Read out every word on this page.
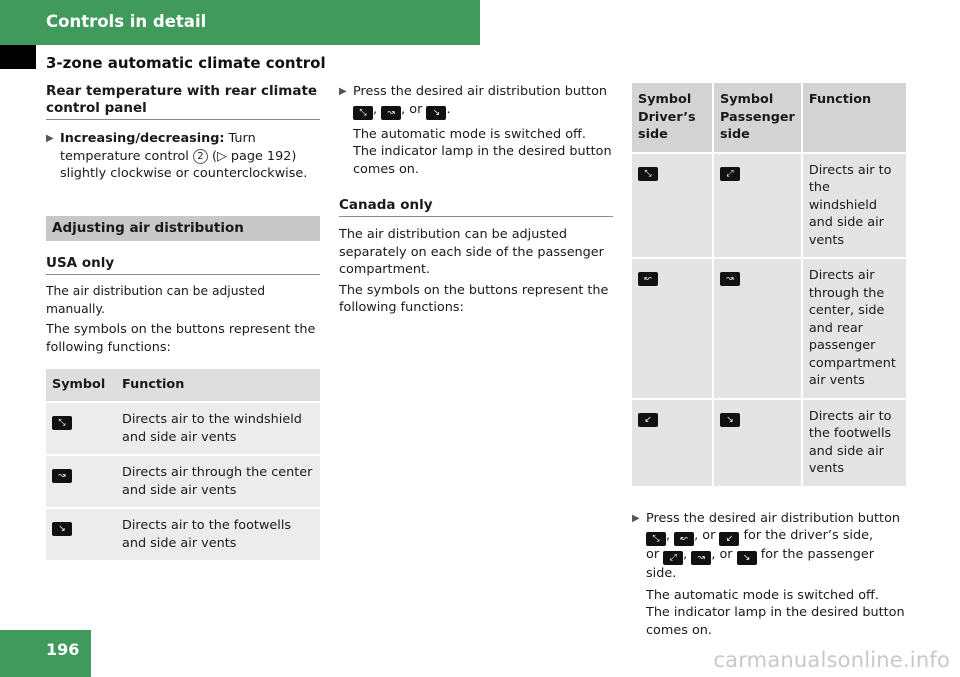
Controls in detail
3-zone automatic climate control
Rear temperature with rear climate control panel
▶ Increasing/decreasing: Turn temperature control 2 (▷ page 192) slightly clockwise or counterclockwise.
Adjusting air distribution
USA only

The air distribution can be adjusted manually.

The symbols on the buttons represent the following functions:

Symbol	Function
⤡	Directs air to the windshield and side air vents
↝	Directs air through the center and side air vents
↘	Directs air to the footwells and side air vents
▶ Press the desired air distribution button
⤡ , ↝ , or ↘ .

The automatic mode is switched off. The indicator lamp in the desired button comes on.

Canada only

The air distribution can be adjusted separately on each side of the passenger compartment.

The symbols on the buttons represent the following functions:

Symbol Driver’s side	Symbol Passenger side	Function
⤡	⤢	Directs air to the windshield and side air vents
↜	↝	Directs air through the center, side and rear passenger compartment air vents
↙	↘	Directs air to the footwells and side air vents
▶ Press the desired air distribution button
⤡ , ↜ , or ↙ for the driver’s side,
or ⤢ , ↝ , or ↘ for the passenger side.

The automatic mode is switched off. The indicator lamp in the desired button comes on.

196	carmanualsonline.info
